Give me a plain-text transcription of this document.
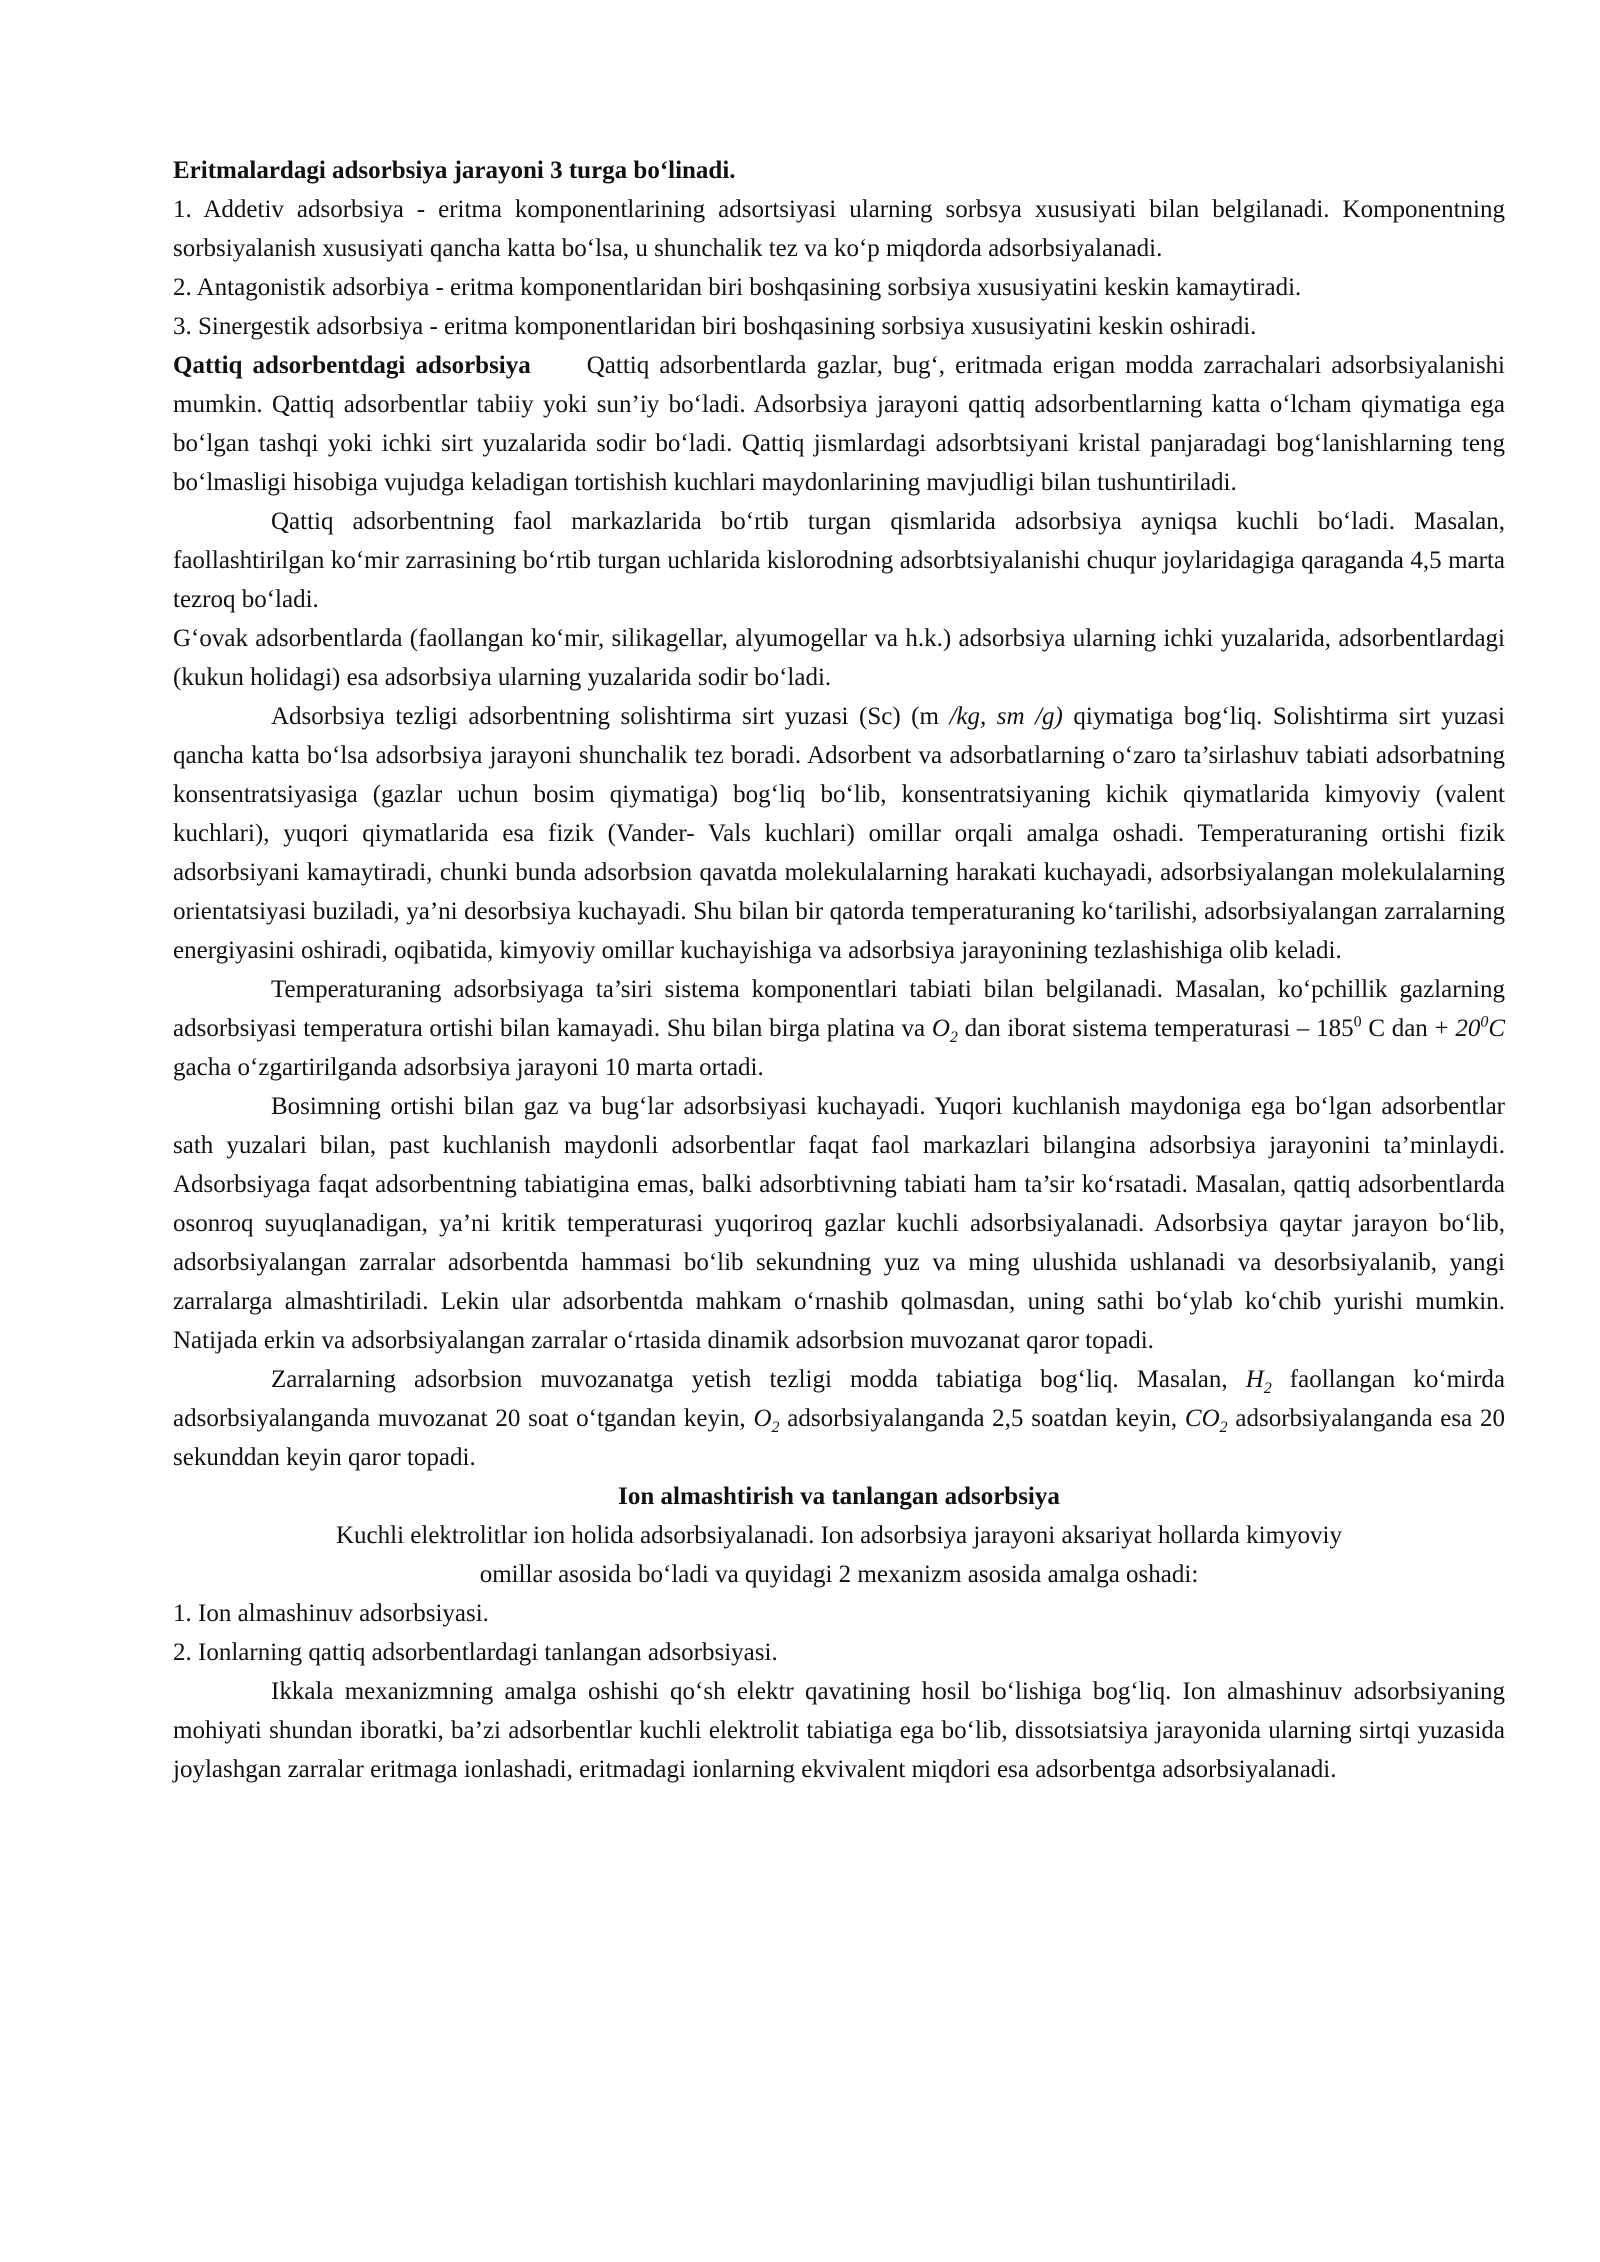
Eritmalardagi adsorbsiya jarayoni 3 turga bo‘linadi.

1. Addetiv adsorbsiya - eritma komponentlarining adsortsiyasi ularning sorbsya xususiyati bilan belgilanadi. Komponentning sorbsiyalanish xususiyati qancha katta bo‘lsa, u shunchalik tez va ko‘p miqdorda adsorbsiyalanadi.

2. Antagonistik adsorbiya - eritma komponentlaridan biri boshqasining sorbsiya xususiyatini keskin kamaytiradi.

3. Sinergestik adsorbsiya - eritma komponentlaridan biri boshqasining sorbsiya xususiyatini keskin oshiradi.

Qattiq adsorbentdagi adsorbsiya Qattiq adsorbentlarda gazlar, bug‘, eritmada erigan modda zarrachalari adsorbsiyalanishi mumkin. Qattiq adsorbentlar tabiiy yoki sun’iy bo‘ladi. Adsorbsiya jarayoni qattiq adsorbentlarning katta o‘lcham qiymatiga ega bo‘lgan tashqi yoki ichki sirt yuzalarida sodir bo‘ladi. Qattiq jismlardagi adsorbtsiyani kristal panjaradagi bog‘lanishlarning teng bo‘lmasligi hisobiga vujudga keladigan tortishish kuchlari maydonlarining mavjudligi bilan tushuntiriladi.

Qattiq adsorbentning faol markazlarida bo‘rtib turgan qismlarida adsorbsiya ayniqsa kuchli bo‘ladi. Masalan, faollashtirilgan ko‘mir zarrasining bo‘rtib turgan uchlarida kislorodning adsorbtsiyalanishi chuqur joylaridagiga qaraganda 4,5 marta tezroq bo‘ladi.

G‘ovak adsorbentlarda (faollangan ko‘mir, silikagellar, alyumogellar va h.k.) adsorbsiya ularning ichki yuzalarida, adsorbentlardagi (kukun holidagi) esa adsorbsiya ularning yuzalarida sodir bo‘ladi.

Adsorbsiya tezligi adsorbentning solishtirma sirt yuzasi (Sc) (m /kg, sm /g) qiymatiga bog‘liq. Solishtirma sirt yuzasi qancha katta bo‘lsa adsorbsiya jarayoni shunchalik tez boradi. Adsorbent va adsorbatlarning o‘zaro ta’sirlashuv tabiati adsorbatning konsentratsiyasiga (gazlar uchun bosim qiymatiga) bog‘liq bo‘lib, konsentratsiyaning kichik qiymatlarida kimyoviy (valent kuchlari), yuqori qiymatlarida esa fizik (Vander- Vals kuchlari) omillar orqali amalga oshadi. Temperaturaning ortishi fizik adsorbsiyani kamaytiradi, chunki bunda adsorbsion qavatda molekulalarning harakati kuchayadi, adsorbsiyalangan molekulalarning orientatsiyasi buziladi, ya’ni desorbsiya kuchayadi. Shu bilan bir qatorda temperaturaning ko‘tarilishi, adsorbsiyalangan zarralarning energiyasini oshiradi, oqibatida, kimyoviy omillar kuchayishiga va adsorbsiya jarayonining tezlashishiga olib keladi.

Temperaturaning adsorbsiyaga ta’siri sistema komponentlari tabiati bilan belgilanadi. Masalan, ko‘pchillik gazlarning adsorbsiyasi temperatura ortishi bilan kamayadi. Shu bilan birga platina va $O_2$ dan iborat sistema temperaturasi – $185^0$ C dan + $20^0C$ gacha o‘zgartirilganda adsorbsiya jarayoni 10 marta ortadi.

Bosimning ortishi bilan gaz va bug‘lar adsorbsiyasi kuchayadi. Yuqori kuchlanish maydoniga ega bo‘lgan adsorbentlar sath yuzalari bilan, past kuchlanish maydonli adsorbentlar faqat faol markazlari bilangina adsorbsiya jarayonini ta’minlaydi. Adsorbsiyaga faqat adsorbentning tabiatigina emas, balki adsorbtivning tabiati ham ta’sir ko‘rsatadi. Masalan, qattiq adsorbentlarda osonroq suyuqlanadigan, ya’ni kritik temperaturasi yuqoriroq gazlar kuchli adsorbsiyalanadi. Adsorbsiya qaytar jarayon bo‘lib, adsorbsiyalangan zarralar adsorbentda hammasi bo‘lib sekundning yuz va ming ulushida ushlanadi va desorbsiyalanib, yangi zarralarga almashtiriladi. Lekin ular adsorbentda mahkam o‘rnashib qolmasdan, uning sathi bo‘ylab ko‘chib yurishi mumkin. Natijada erkin va adsorbsiyalangan zarralar o‘rtasida dinamik adsorbsion muvozanat qaror topadi.

Zarralarning adsorbsion muvozanatga yetish tezligi modda tabiatiga bog‘liq. Masalan, $H_2$ faollangan ko‘mirda adsorbsiyalanganda muvozanat 20 soat o‘tgandan keyin, $O_2$ adsorbsiyalanganda 2,5 soatdan keyin, $CO_2$ adsorbsiyalanganda esa 20 sekunddan keyin qaror topadi.

Ion almashtirish va tanlangan adsorbsiya

Kuchli elektrolitlar ion holida adsorbsiyalanadi. Ion adsorbsiya jarayoni aksariyat hollarda kimyoviy

omillar asosida bo‘ladi va quyidagi 2 mexanizm asosida amalga oshadi:

1. Ion almashinuv adsorbsiyasi.

2. Ionlarning qattiq adsorbentlardagi tanlangan adsorbsiyasi.

Ikkala mexanizmning amalga oshishi qo‘sh elektr qavatining hosil bo‘lishiga bog‘liq. Ion almashinuv adsorbsiyaning mohiyati shundan iboratki, ba’zi adsorbentlar kuchli elektrolit tabiatiga ega bo‘lib, dissotsiatsiya jarayonida ularning sirtqi yuzasida joylashgan zarralar eritmaga ionlashadi, eritmadagi ionlarning ekvivalent miqdori esa adsorbentga adsorbsiyalanadi.
